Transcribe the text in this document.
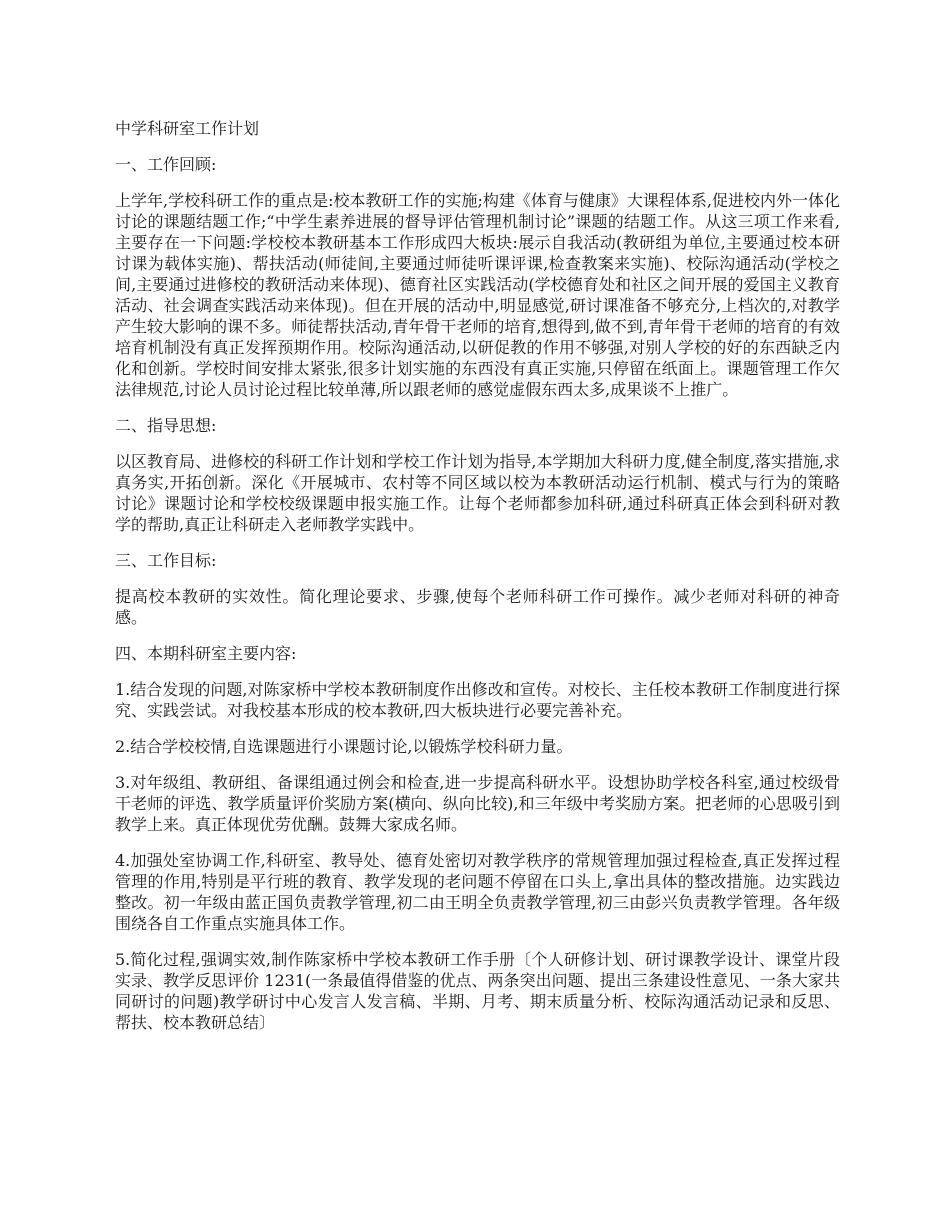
中学科研室工作计划

一、工作回顾:

上学年,学校科研工作的重点是:校本教研工作的实施;构建《体育与健康》大课程体系,促进校内外一体化讨论的课题结题工作;“中学生素养进展的督导评估管理机制讨论”课题的结题工作。从这三项工作来看,主要存在一下问题:学校校本教研基本工作形成四大板块:展示自我活动(教研组为单位,主要通过校本研讨课为载体实施)、帮扶活动(师徒间,主要通过师徒听课评课,检查教案来实施)、校际沟通活动(学校之间,主要通过进修校的教研活动来体现)、德育社区实践活动(学校德育处和社区之间开展的爱国主义教育活动、社会调查实践活动来体现)。但在开展的活动中,明显感觉,研讨课准备不够充分,上档次的,对教学产生较大影响的课不多。师徒帮扶活动,青年骨干老师的培育,想得到,做不到,青年骨干老师的培育的有效培育机制没有真正发挥预期作用。校际沟通活动,以研促教的作用不够强,对别人学校的好的东西缺乏内化和创新。学校时间安排太紧张,很多计划实施的东西没有真正实施,只停留在纸面上。课题管理工作欠法律规范,讨论人员讨论过程比较单薄,所以跟老师的感觉虚假东西太多,成果谈不上推广。

二、指导思想:

以区教育局、进修校的科研工作计划和学校工作计划为指导,本学期加大科研力度,健全制度,落实措施,求真务实,开拓创新。深化《开展城市、农村等不同区域以校为本教研活动运行机制、模式与行为的策略讨论》课题讨论和学校校级课题申报实施工作。让每个老师都参加科研,通过科研真正体会到科研对教学的帮助,真正让科研走入老师教学实践中。

三、工作目标:

提高校本教研的实效性。简化理论要求、步骤,使每个老师科研工作可操作。减少老师对科研的神奇感。

四、本期科研室主要内容:

1.结合发现的问题,对陈家桥中学校本教研制度作出修改和宣传。对校长、主任校本教研工作制度进行探究、实践尝试。对我校基本形成的校本教研,四大板块进行必要完善补充。

2.结合学校校情,自选课题进行小课题讨论,以锻炼学校科研力量。

3.对年级组、教研组、备课组通过例会和检查,进一步提高科研水平。设想协助学校各科室,通过校级骨干老师的评选、教学质量评价奖励方案(横向、纵向比较),和三年级中考奖励方案。把老师的心思吸引到教学上来。真正体现优劳优酬。鼓舞大家成名师。

4.加强处室协调工作,科研室、教导处、德育处密切对教学秩序的常规管理加强过程检查,真正发挥过程管理的作用,特别是平行班的教育、教学发现的老问题不停留在口头上,拿出具体的整改措施。边实践边整改。初一年级由蓝正国负责教学管理,初二由王明全负责教学管理,初三由彭兴负责教学管理。各年级围绕各自工作重点实施具体工作。

5.简化过程,强调实效,制作陈家桥中学校本教研工作手册〔个人研修计划、研讨课教学设计、课堂片段实录、教学反思评价 1231(一条最值得借鉴的优点、两条突出问题、提出三条建设性意见、一条大家共同研讨的问题)教学研讨中心发言人发言稿、半期、月考、期末质量分析、校际沟通活动记录和反思、帮扶、校本教研总结〕
